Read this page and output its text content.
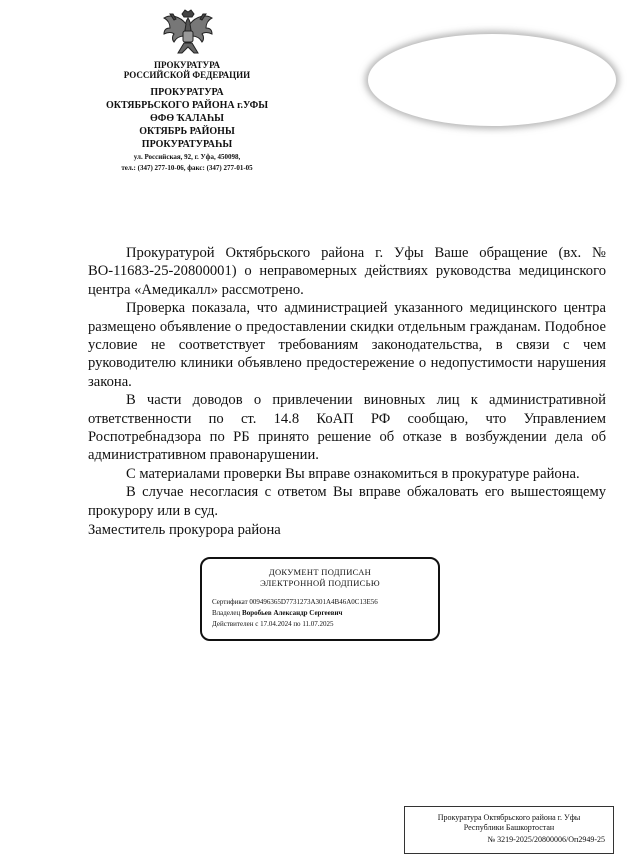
ПРОКУРАТУРА
РОССИЙСКОЙ ФЕДЕРАЦИИ
ПРОКУРАТУРА
ОКТЯБРЬСКОГО РАЙОНА г.УФЫ
ӨФӨ ҠАЛАҺЫ
ОКТЯБРЬ РАЙОНЫ
ПРОКУРАТУРАҺЫ
ул. Российская, 92, г. Уфа, 450098,
тел.: (347) 277-10-06, факс: (347) 277-01-05

Прокуратурой Октябрьского района г. Уфы Ваше обращение (вх. № ВО-11683-25-20800001) о неправомерных действиях руководства медицинского центра «Амедикалл» рассмотрено.

Проверка показала, что администрацией указанного медицинского центра размещено объявление о предоставлении скидки отдельным гражданам. Подобное условие не соответствует требованиям законодательства, в связи с чем руководителю клиники объявлено предостережение о недопустимости нарушения закона.

В части доводов о привлечении виновных лиц к административной ответственности по ст. 14.8 КоАП РФ сообщаю, что Управлением Роспотребнадзора по РБ принято решение об отказе в возбуждении дела об административном правонарушении.

С материалами проверки Вы вправе ознакомиться в прокуратуре района.

В случае несогласия с ответом Вы вправе обжаловать его вышестоящему прокурору или в суд.

Заместитель прокурора района
ДОКУМЕНТ ПОДПИСАН
ЭЛЕКТРОННОЙ ПОДПИСЬЮ
Сертификат 009496365D7731273A301A4B46A0C13E56
Владелец Воробьев Александр Сергеевич
Действителен с 17.04.2024 по 11.07.2025
Прокуратура Октябрьского района г. Уфы
Республики Башкортостан
№ 3219-2025/20800006/Оп2949-25
